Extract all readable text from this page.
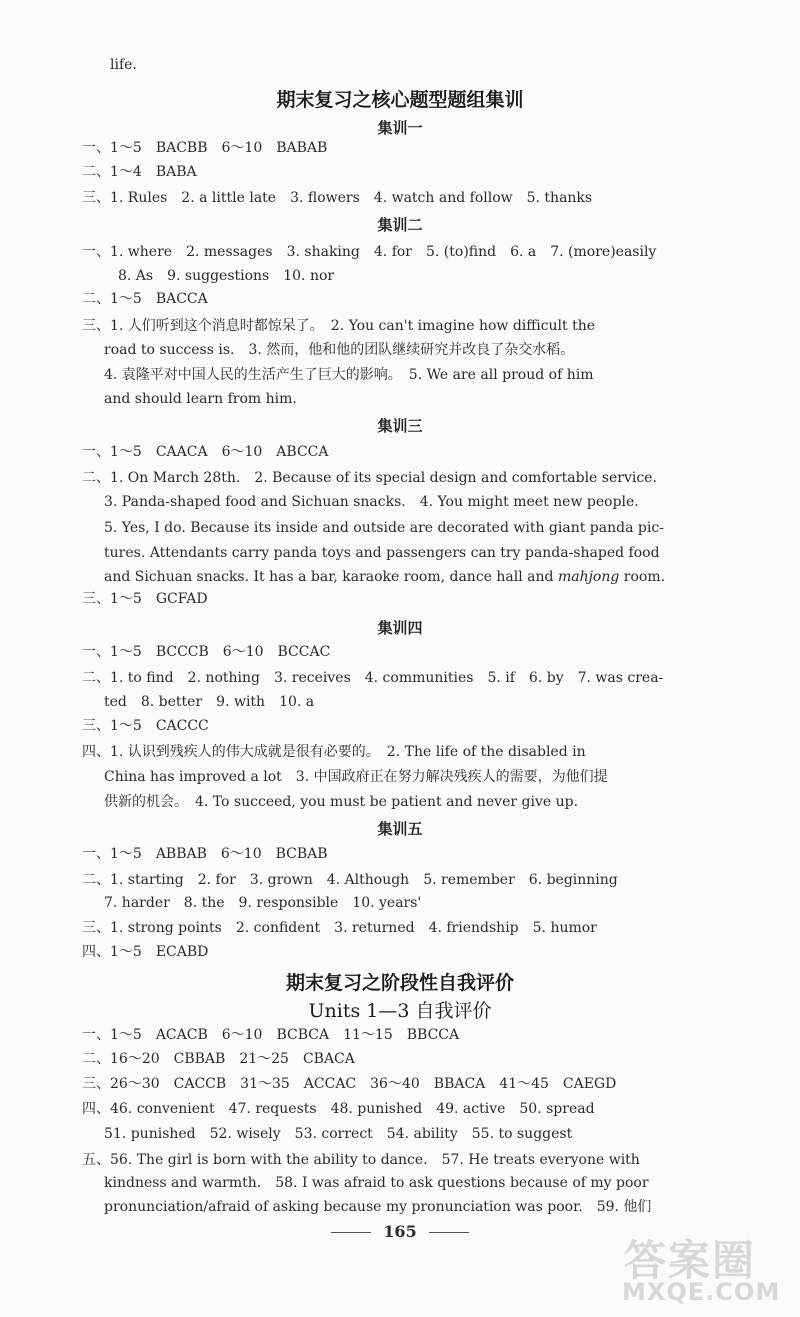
life.
期末复习之核心题型题组集训
集训一
一、1～5　BACBB　6～10　BABAB
二、1～4　BABA
三、1. Rules　2. a little late　3. flowers　4. watch and follow　5. thanks
集训二
一、1. where　2. messages　3. shaking　4. for　5. (to)find　6. a　7. (more)easily
8. As　9. suggestions　10. nor
二、1～5　BACCA
三、1. 人们听到这个消息时都惊呆了。　2. You can't imagine how difficult the
road to success is.　3. 然而，他和他的团队继续研究并改良了杂交水稻。
4. 袁隆平对中国人民的生活产生了巨大的影响。　5. We are all proud of him
and should learn from him.
集训三
一、1～5　CAACA　6～10　ABCCA
二、1. On March 28th.　2. Because of its special design and comfortable service.
3. Panda-shaped food and Sichuan snacks.　4. You might meet new people.
5. Yes, I do. Because its inside and outside are decorated with giant panda pic-
tures. Attendants carry panda toys and passengers can try panda-shaped food
and Sichuan snacks. It has a bar, karaoke room, dance hall and mahjong room.
三、1～5　GCFAD
集训四
一、1～5　BCCCB　6～10　BCCAC
二、1. to find　2. nothing　3. receives　4. communities　5. if　6. by　7. was crea-
ted　8. better　9. with　10. a
三、1～5　CACCC
四、1. 认识到残疾人的伟大成就是很有必要的。　2. The life of the disabled in
China has improved a lot　3. 中国政府正在努力解决残疾人的需要，为他们提
供新的机会。　4. To succeed, you must be patient and never give up.
集训五
一、1～5　ABBAB　6～10　BCBAB
二、1. starting　2. for　3. grown　4. Although　5. remember　6. beginning
7. harder　8. the　9. responsible　10. years'
三、1. strong points　2. confident　3. returned　4. friendship　5. humor
四、1～5　ECABD
期末复习之阶段性自我评价
Units 1—3 自我评价
一、1～5　ACACB　6～10　BCBCA　11～15　BBCCA
二、16～20　CBBAB　21～25　CBACA
三、26～30　CACCB　31～35　ACCAC　36～40　BBACA　41～45　CAEGD
四、46. convenient　47. requests　48. punished　49. active　50. spread
51. punished　52. wisely　53. correct　54. ability　55. to suggest
五、56. The girl is born with the ability to dance.　57. He treats everyone with
kindness and warmth.　58. I was afraid to ask questions because of my poor
pronunciation/afraid of asking because my pronunciation was poor.　59. 他们
165
答案圈
MXQE.COM
